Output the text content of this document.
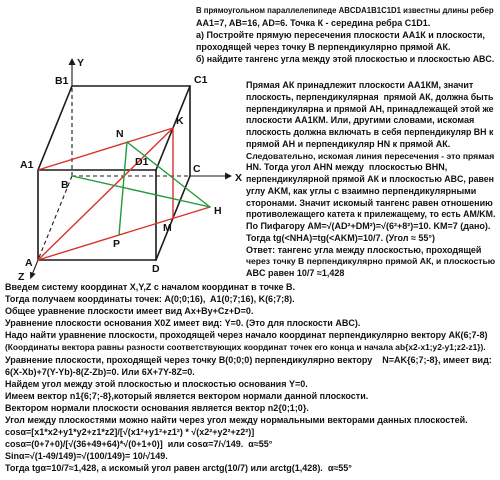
В прямоугольном параллелепипеде ABCDA1B1C1D1 известны длины ребер
AA1=7, AB=16, AD=6. Точка К - середина ребра C1D1.
а) Постройте прямую пересечения плоскости АА1К и плоскости,
проходящей через точку В перпендикулярно прямой АК.
б) найдите тангенс угла между этой плоскостью и плоскостью ABC.
B1
Y
C1
K
N
D1
A1
B
C
X
H
M
P
A	D
Z
Прямая АК принадлежит плоскости АА1КМ, значит
плоскость, перпендикулярная  прямой АК, должна быть
перпендикулярна и прямой АН, принадлежащей этой же
плоскости АА1КМ. Или, другими словами, искомая
плоскость должна включать в себя перпендикуляр ВН к
прямой АН и перпендикуляр HN к прямой АК.
Следовательно, искомая линия пересечения - это прямая
HN. Тогда угол AHN между  плоскостью BHN,
перпендикулярной прямой АК и плоскостью ABC, равен
углу AKM, как углы с взаимно перпендикулярными
сторонами. Значит искомый тангенс равен отношению
противолежащего катета к прилежащему, то есть AM/KM.
По Пифагору AM=√(AD²+DM²)=√(6²+8²)=10. KM=7 (дано).
Тогда tg(<NHA)=tg(<AKM)=10/7. (Угол ≈ 55°)
Ответ: тангенс угла между плоскостью, проходящей
через точку В перпендикулярно прямой АК, и плоскостью
ABC равен 10/7 ≈1,428
Введем систему координат X,Y,Z с началом координат в точке В.
Тогда получаем координаты точек: A(0;0;16),  A1(0;7;16), K(6;7;8).
Общее уравнение плоскости имеет вид Ax+By+Cz+D=0.
Уравнение плоскости основания X0Z имеет вид: Y=0. (Это для плоскости ABC).
Надо найти уравнение плоскости, проходящей через начало координат перпендикулярно вектору АК(6;7-8)
(Координаты вектора равны разности соответствующих координат точек его конца и начала ab{x2-x1;y2-y1;z2-z1}).
Уравнение плоскости, проходящей через точку В(0;0;0) перпендикулярно вектору    N=AK{6;7;-8}, имеет вид:
6(X-Xb)+7(Y-Yb)-8(Z-Zb)=0. Или 6X+7Y-8Z=0.
Найдем угол между этой плоскостью и плоскостью основания Y=0.
Имеем вектор n1{6;7;-8},который является вектором нормали данной плоскости.
Вектором нормали плоскости основания является вектор n2{0;1;0}.
Угол между плоскостями можно найти через угол между нормальными векторами данных плоскостей.
cosα=[x1*x2+y1*y2+z1*z2]/[√(x1²+y1²+z1²) * √(x2²+y2²+z2²)]
cosα=(0+7+0)/[√(36+49+64)*√(0+1+0)]  или cosα=7/√149.  α≈55°
Sinα=√(1-49/149)=√(100/149)= 10/√149.
Тогда tgα=10/7≈1,428, а искомый угол равен arctg(10/7) или arctg(1,428).  α≈55°
